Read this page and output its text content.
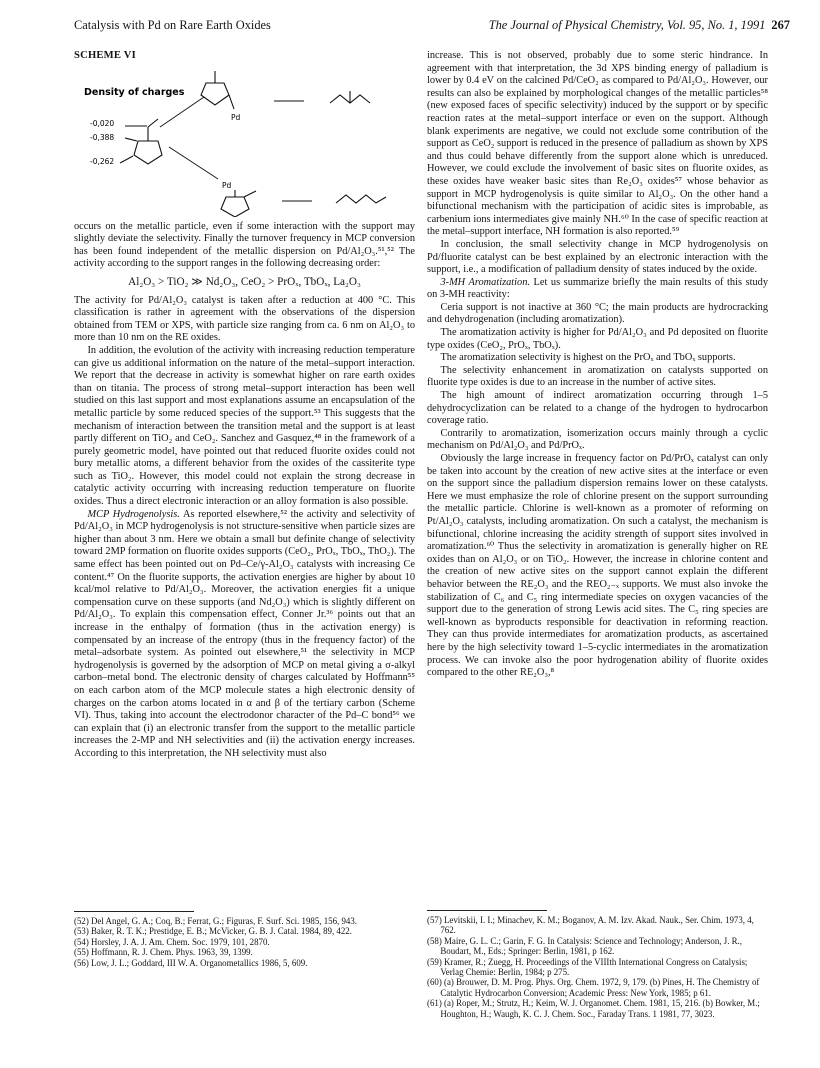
Catalysis with Pd on Rare Earth Oxides	The Journal of Physical Chemistry, Vol. 95, No. 1, 1991 267
SCHEME VI
Density of charges
-0,020
-0,388
-0,262
Pd
Pd

occurs on the metallic particle, even if some interaction with the support may slightly deviate the selectivity. Finally the turnover frequency in MCP conversion has been found independent of the metallic dispersion on Pd/Al₂O₃.⁵¹,⁵² The activity according to the support ranges in the following decreasing order:

Al₂O₃ > TiO₂ ≫ Nd₂O₃, CeO₂ > PrOₓ, TbOₓ, La₂O₃

The activity for Pd/Al₂O₃ catalyst is taken after a reduction at 400 °C. This classification is rather in agreement with the observations of the dispersion obtained from TEM or XPS, with particle size ranging from ca. 6 nm on Al₂O₃ to more than 10 nm on the RE oxides.

In addition, the evolution of the activity with increasing reduction temperature can give us additional information on the nature of the metal–support interaction. We report that the decrease in activity is somewhat higher on rare earth oxides than on titania. The process of strong metal–support interaction has been well studied on this last support and most explanations assume an encapsulation of the metallic particle by some reduced species of the support.⁵³ This suggests that the mechanism of interaction between the transition metal and the support is at least partly different on TiO₂ and CeO₂. Sanchez and Gasquez,⁴⁸ in the framework of a purely geometric model, have pointed out that reduced fluorite oxides could not bury metallic atoms, a different behavior from the oxides of the cassiterite type such as TiO₂. However, this model could not explain the strong decrease in catalytic activity occurring with increasing reduction temperature on fluorite oxides. Thus a direct electronic interaction or an alloy formation is also possible.

MCP Hydrogenolysis. As reported elsewhere,⁵² the activity and selectivity of Pd/Al₂O₃ in MCP hydrogenolysis is not structure-sensitive when particle sizes are higher than about 3 nm. Here we obtain a small but definite change of selectivity toward 2MP formation on fluorite oxides supports (CeO₂, PrOₓ, TbOₓ, ThO₂). The same effect has been pointed out on Pd–Ce/γ-Al₂O₃ catalysts with increasing Ce content.⁴⁷ On the fluorite supports, the activation energies are higher by about 10 kcal/mol relative to Pd/Al₂O₃. Moreover, the activation energies fit a unique compensation curve on these supports (and Nd₂O₃) which is slightly different on Pd/Al₂O₃. To explain this compensation effect, Conner Jr.³⁶ points out that an increase in the enthalpy of formation (thus in the activation energy) is compensated by an increase of the entropy (thus in the frequency factor) of the metal–adsorbate system. As pointed out elsewhere,⁵¹ the selectivity in MCP hydrogenolysis is governed by the adsorption of MCP on metal giving a σ-alkyl carbon–metal bond. The electronic density of charges calculated by Hoffmann⁵⁵ on each carbon atom of the MCP molecule states a high electronic density of charges on the carbon atoms located in α and β of the tertiary carbon (Scheme VI). Thus, taking into account the electrodonor character of the Pd–C bond⁵⁶ we can explain that (i) an electronic transfer from the support to the metallic particle increases the 2-MP and NH selectivities and (ii) the activation energy increases. According to this interpretation, the NH selectivity must also

(52) Del Angel, G. A.; Coq, B.; Ferrat, G.; Figuras, F. Surf. Sci. 1985, 156, 943.

(53) Baker, R. T. K.; Prestidge, E. B.; McVicker, G. B. J. Catal. 1984, 89, 422.

(54) Horsley, J. A. J. Am. Chem. Soc. 1979, 101, 2870.

(55) Hoffmann, R. J. Chem. Phys. 1963, 39, 1399.

(56) Low, J. L.; Goddard, III W. A. Organometallics 1986, 5, 609.

increase. This is not observed, probably due to some steric hindrance. In agreement with that interpretation, the 3d XPS binding energy of palladium is lower by 0.4 eV on the calcined Pd/CeO₂ as compared to Pd/Al₂O₃. However, our results can also be explained by morphological changes of the metallic particles⁵⁸ (new exposed faces of specific selectivity) induced by the support or by specific reaction rates at the metal–support interface or even on the support. Although blank experiments are negative, we could not exclude some contribution of the support as CeO₂ support is reduced in the presence of palladium as shown by XPS and thus could behave differently from the support alone which is unreduced. However, we could exclude the involvement of basic sites on fluorite oxides, as these oxides have weaker basic sites than Re₂O₃ oxides⁵⁷ whose behavior as support in MCP hydrogenolysis is quite similar to Al₂O₃. On the other hand a bifunctional mechanism with the participation of acidic sites is improbable, as carbenium ions intermediates give mainly NH.⁶⁰ In the case of specific reaction at the metal–support interface, NH formation is also reported.⁵⁹

In conclusion, the small selectivity change in MCP hydrogenolysis on Pd/fluorite catalyst can be best explained by an electronic interaction with the support, i.e., a modification of palladium density of states induced by the oxide.

3-MH Aromatization. Let us summarize briefly the main results of this study on 3-MH reactivity:

Ceria support is not inactive at 360 °C; the main products are hydrocracking and dehydrogenation (including aromatization).

The aromatization activity is higher for Pd/Al₂O₃ and Pd deposited on fluorite type oxides (CeO₂, PrOₓ, TbOₓ).

The aromatization selectivity is highest on the PrOₓ and TbOₓ supports.

The selectivity enhancement in aromatization on catalysts supported on fluorite type oxides is due to an increase in the number of active sites.

The high amount of indirect aromatization occurring through 1–5 dehydrocyclization can be related to a change of the hydrogen to hydrocarbon coverage ratio.

Contrarily to aromatization, isomerization occurs mainly through a cyclic mechanism on Pd/Al₂O₃ and Pd/PrOₓ.

Obviously the large increase in frequency factor on Pd/PrOₓ catalyst can only be taken into account by the creation of new active sites at the interface or even on the support since the palladium dispersion remains lower on these catalysts. Here we must emphasize the role of chlorine present on the support surrounding the metallic particle. Chlorine is well-known as a promoter of reforming on Pt/Al₂O₃ catalysts, including aromatization. On such a catalyst, the mechanism is bifunctional, chlorine increasing the acidity strength of support sites involved in aromatization.⁶⁰ Thus the selectivity in aromatization is generally higher on RE oxides than on Al₂O₃ or on TiO₂. However, the increase in chlorine content and the creation of new active sites on the support cannot explain the different behavior between the RE₂O₃ and the REO₂₋ₓ supports. We must also invoke the stabilization of C₆ and C₅ ring intermediate species on oxygen vacancies of the support due to the generation of strong Lewis acid sites. The C₅ ring species are well-known as byproducts responsible for deactivation in reforming reaction. They can thus provide intermediates for aromatization products, as ascertained here by the high selectivity toward 1–5-cyclic intermediates in the aromatization process. We can invoke also the poor hydrogenation ability of fluorite oxides compared to the other RE₂O₃,⁸

(57) Levitskii, I. I.; Minachev, K. M.; Boganov, A. M. Izv. Akad. Nauk., Ser. Chim. 1973, 4, 762.

(58) Maire, G. L. C.; Garin, F. G. In Catalysis: Science and Technology; Anderson, J. R., Boudart, M., Eds.; Springer: Berlin, 1981, p 162.

(59) Kramer, R.; Zuegg, H. Proceedings of the VIIIth International Congress on Catalysis; Verlag Chemie: Berlin, 1984; p 275.

(60) (a) Brouwer, D. M. Prog. Phys. Org. Chem. 1972, 9, 179. (b) Pines, H. The Chemistry of Catalytic Hydrocarbon Conversion; Academic Press: New York, 1985; p 61.

(61) (a) Roper, M.; Strutz, H.; Keim, W. J. Organomet. Chem. 1981, 15, 216. (b) Bowker, M.; Houghton, H.; Waugh, K. C. J. Chem. Soc., Faraday Trans. 1 1981, 77, 3023.
